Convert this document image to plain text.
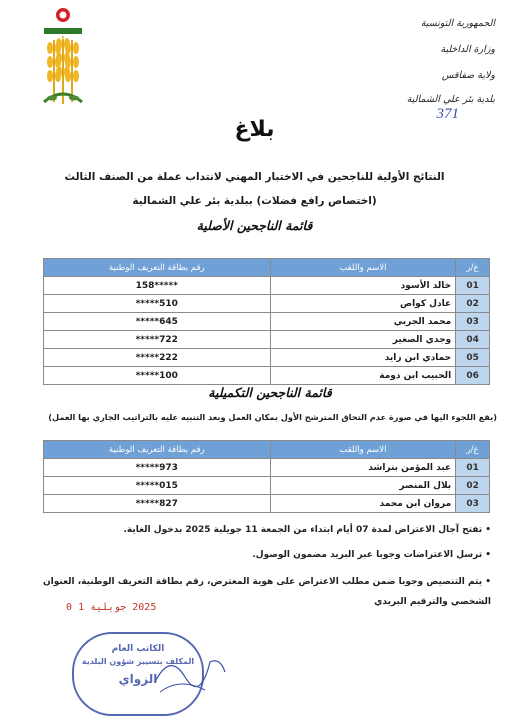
الجمهورية التونسية
وزارة الداخلية
ولاية صفاقس
بلدية بئر علي الشمالية
371
بلدية بئر علي الشمالية
بلاغ
النتائج الأولية للناجحين في الاختبار المهني لانتداب عملة من الصنف الثالث
(اختصاص رافع فضلات) ببلدية بئر علي الشمالية
قائمة الناجحين الأصلية
ع/ر	الاسم واللقب	رقم بطاقة التعريف الوطنية
01	خالد الأسود	158*****
02	عادل كواص	*****510
03	محمد الجربي	*****645
04	وجدي الصغير	*****722
05	حمادي ابن زايد	*****222
06	الحبيب ابن دومة	*****100
قائمة الناجحين التكميلية
(يقع اللجوء اليها في صورة عدم التحاق المترشح الأول بمكان العمل وبعد التنبيه عليه بالتراتيب الجاري بها العمل)
ع/ر	الاسم واللقب	رقم بطاقة التعريف الوطنية
01	عبد المؤمن بنراشد	*****973
02	بلال المنصر	*****015
03	مروان ابن محمد	*****827
• تفتح آجال الاعتراض لمدة 07 أيام ابتداء من الجمعة 11 جويلية 2025 بدخول الغاية.
• ترسل الاعتراضات وجوبا عبر البريد مضمون الوصول.
• يتم التنصيص وجوبا ضمن مطلب الاعتراض على هوية المعترض، رقم بطاقة التعريف الوطنية، العنوان الشخصي والترقيم البريدي
2025 جويلية 1 0
الكاتب العام
المكلف بتسيير شؤون البلدية
الزواي
